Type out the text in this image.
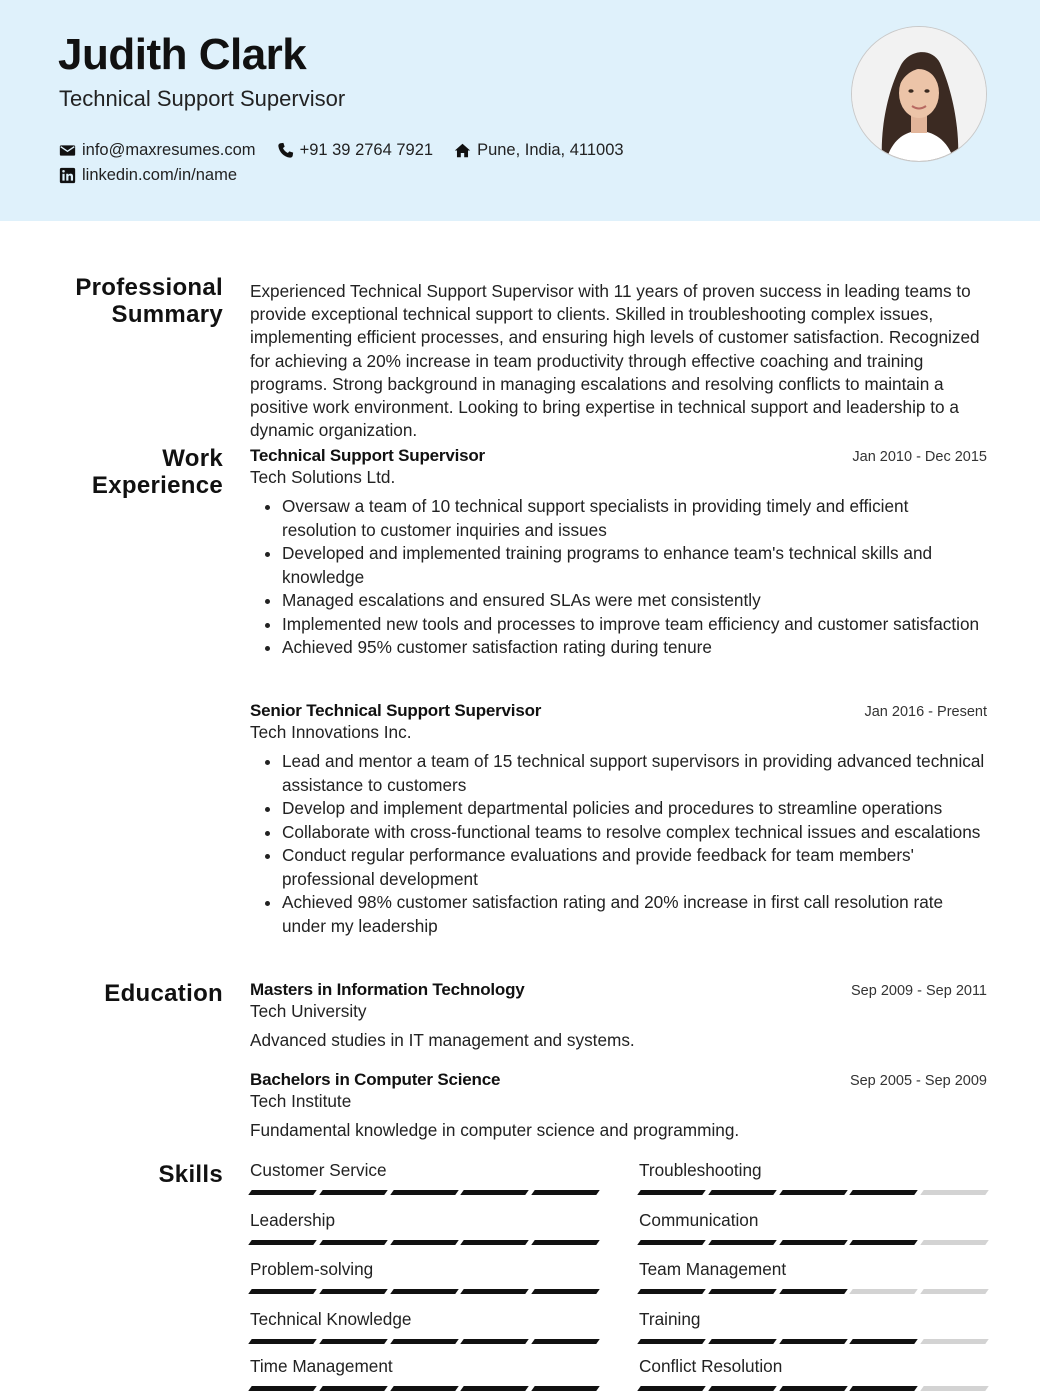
Judith Clark
Technical Support Supervisor
info@maxresumes.com	+91 39 2764 7921	Pune, India, 411003
linkedin.com/in/name
Professional Summary

Experienced Technical Support Supervisor with 11 years of proven success in leading teams to provide exceptional technical support to clients. Skilled in troubleshooting complex issues, implementing efficient processes, and ensuring high levels of customer satisfaction. Recognized for achieving a 20% increase in team productivity through effective coaching and training programs. Strong background in managing escalations and resolving conflicts to maintain a positive work environment. Looking to bring expertise in technical support and leadership to a dynamic organization.

Work Experience
Technical Support Supervisor	Jan 2010 - Dec 2015
Tech Solutions Ltd.
• Oversaw a team of 10 technical support specialists in providing timely and efficient resolution to customer inquiries and issues
• Developed and implemented training programs to enhance team's technical skills and knowledge
• Managed escalations and ensured SLAs were met consistently
• Implemented new tools and processes to improve team efficiency and customer satisfaction
• Achieved 95% customer satisfaction rating during tenure
Senior Technical Support Supervisor	Jan 2016 - Present
Tech Innovations Inc.
• Lead and mentor a team of 15 technical support supervisors in providing advanced technical assistance to customers
• Develop and implement departmental policies and procedures to streamline operations
• Collaborate with cross-functional teams to resolve complex technical issues and escalations
• Conduct regular performance evaluations and provide feedback for team members' professional development
• Achieved 98% customer satisfaction rating and 20% increase in first call resolution rate under my leadership
Education Masters in Information Technology	Sep 2009 - Sep 2011
Tech University
Advanced studies in IT management and systems.
Bachelors in Computer Science	Sep 2005 - Sep 2009
Tech Institute
Fundamental knowledge in computer science and programming.
Skills Customer Service	Troubleshooting
Leadership	Communication
Problem-solving	Team Management
Technical Knowledge	Training
Time Management	Conflict Resolution
